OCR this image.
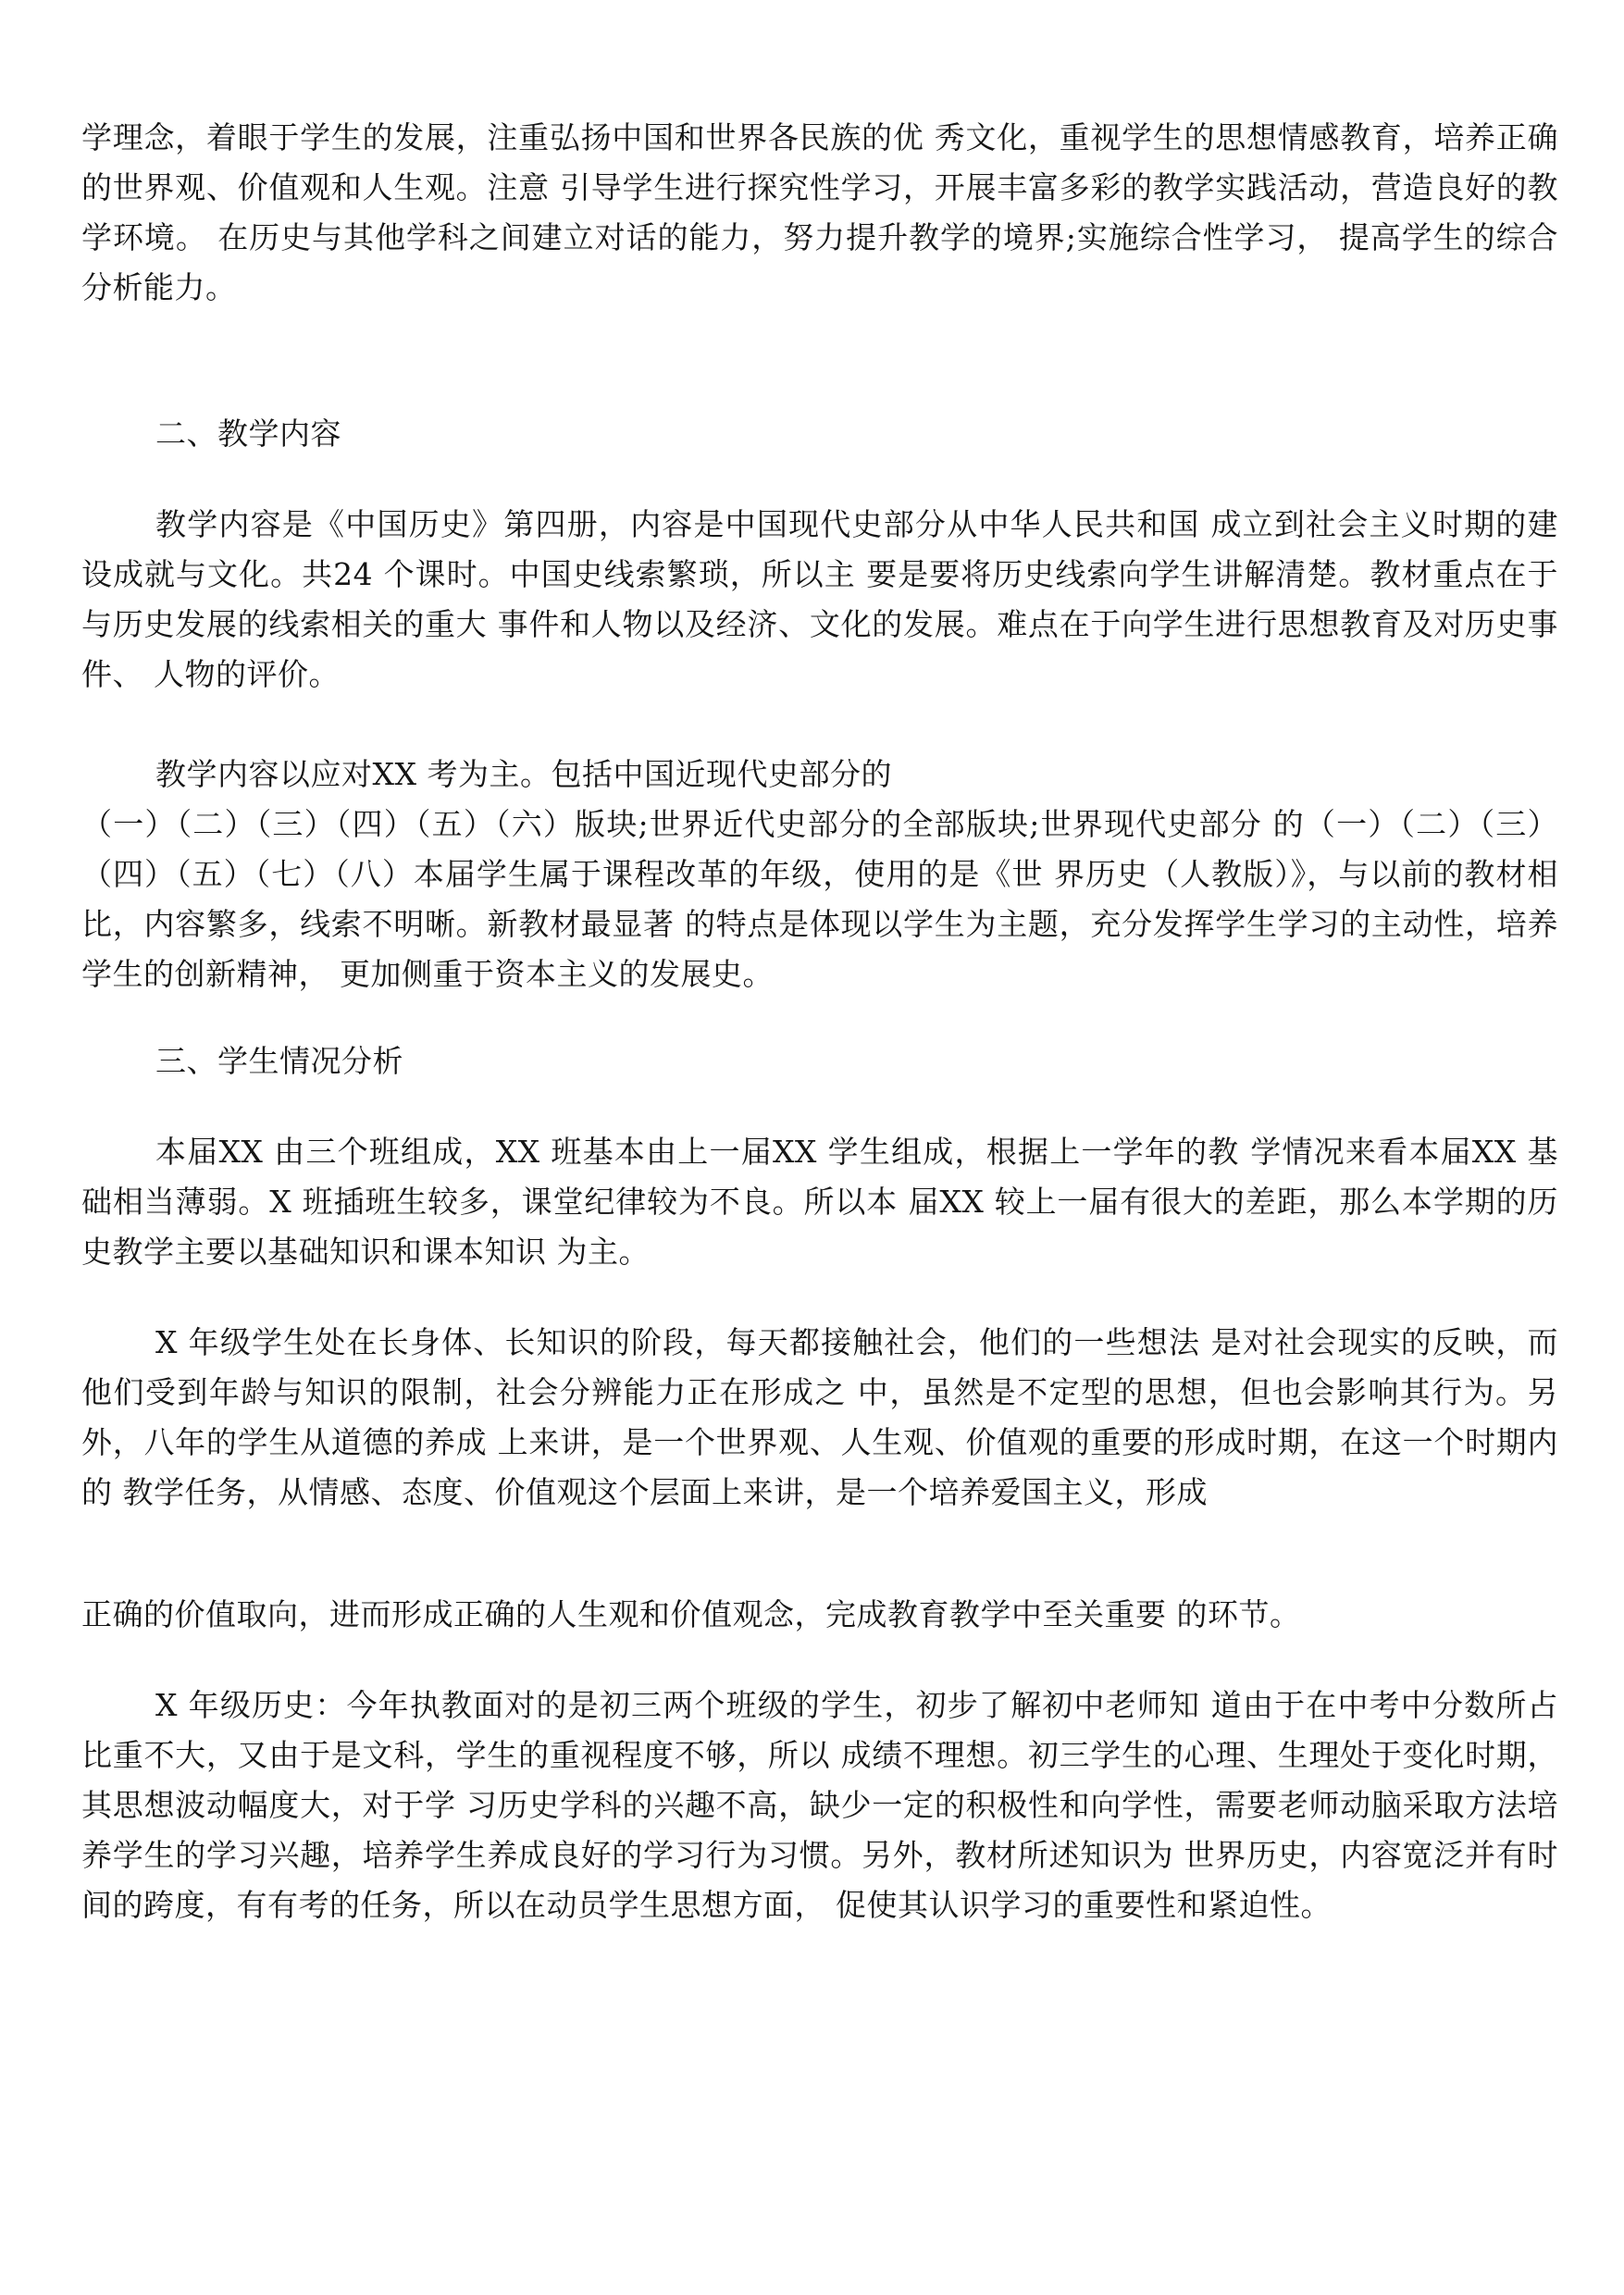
学理念，着眼于学生的发展，注重弘扬中国和世界各民族的优 秀文化，重视学生的思想情感教育，培养正确的世界观、价值观和人生观。注意 引导学生进行探究性学习，开展丰富多彩的教学实践活动，营造良好的教学环境。 在历史与其他学科之间建立对话的能力，努力提升教学的境界;实施综合性学习， 提高学生的综合分析能力。

二、教学内容

教学内容是《中国历史》第四册，内容是中国现代史部分从中华人民共和国 成立到社会主义时期的建设成就与文化。共24 个课时。中国史线索繁琐，所以主 要是要将历史线索向学生讲解清楚。教材重点在于与历史发展的线索相关的重大 事件和人物以及经济、文化的发展。难点在于向学生进行思想教育及对历史事件、 人物的评价。

教学内容以应对XX 考为主。包括中国近现代史部分的
（一）（二）（三）（四）（五）（六）版块;世界近代史部分的全部版块;世界现代史部分 的（一）（二）（三）（四）（五）（七）（八）本届学生属于课程改革的年级，使用的是《世 界历史（人教版）》，与以前的教材相比，内容繁多，线索不明晰。新教材最显著 的特点是体现以学生为主题，充分发挥学生学习的主动性，培养学生的创新精神， 更加侧重于资本主义的发展史。

三、学生情况分析

本届XX 由三个班组成，XX 班基本由上一届XX 学生组成，根据上一学年的教 学情况来看本届XX 基础相当薄弱。X 班插班生较多，课堂纪律较为不良。所以本 届XX 较上一届有很大的差距，那么本学期的历史教学主要以基础知识和课本知识 为主。

X 年级学生处在长身体、长知识的阶段，每天都接触社会，他们的一些想法 是对社会现实的反映，而他们受到年龄与知识的限制，社会分辨能力正在形成之 中，虽然是不定型的思想，但也会影响其行为。另外，八年的学生从道德的养成 上来讲，是一个世界观、人生观、价值观的重要的形成时期，在这一个时期内的 教学任务，从情感、态度、价值观这个层面上来讲，是一个培养爱国主义，形成

正确的价值取向，进而形成正确的人生观和价值观念，完成教育教学中至关重要 的环节。

X 年级历史：今年执教面对的是初三两个班级的学生，初步了解初中老师知 道由于在中考中分数所占比重不大，又由于是文科，学生的重视程度不够，所以 成绩不理想。初三学生的心理、生理处于变化时期，其思想波动幅度大，对于学 习历史学科的兴趣不高，缺少一定的积极性和向学性，需要老师动脑采取方法培 养学生的学习兴趣，培养学生养成良好的学习行为习惯。另外，教材所述知识为 世界历史，内容宽泛并有时间的跨度，有有考的任务，所以在动员学生思想方面， 促使其认识学习的重要性和紧迫性。
